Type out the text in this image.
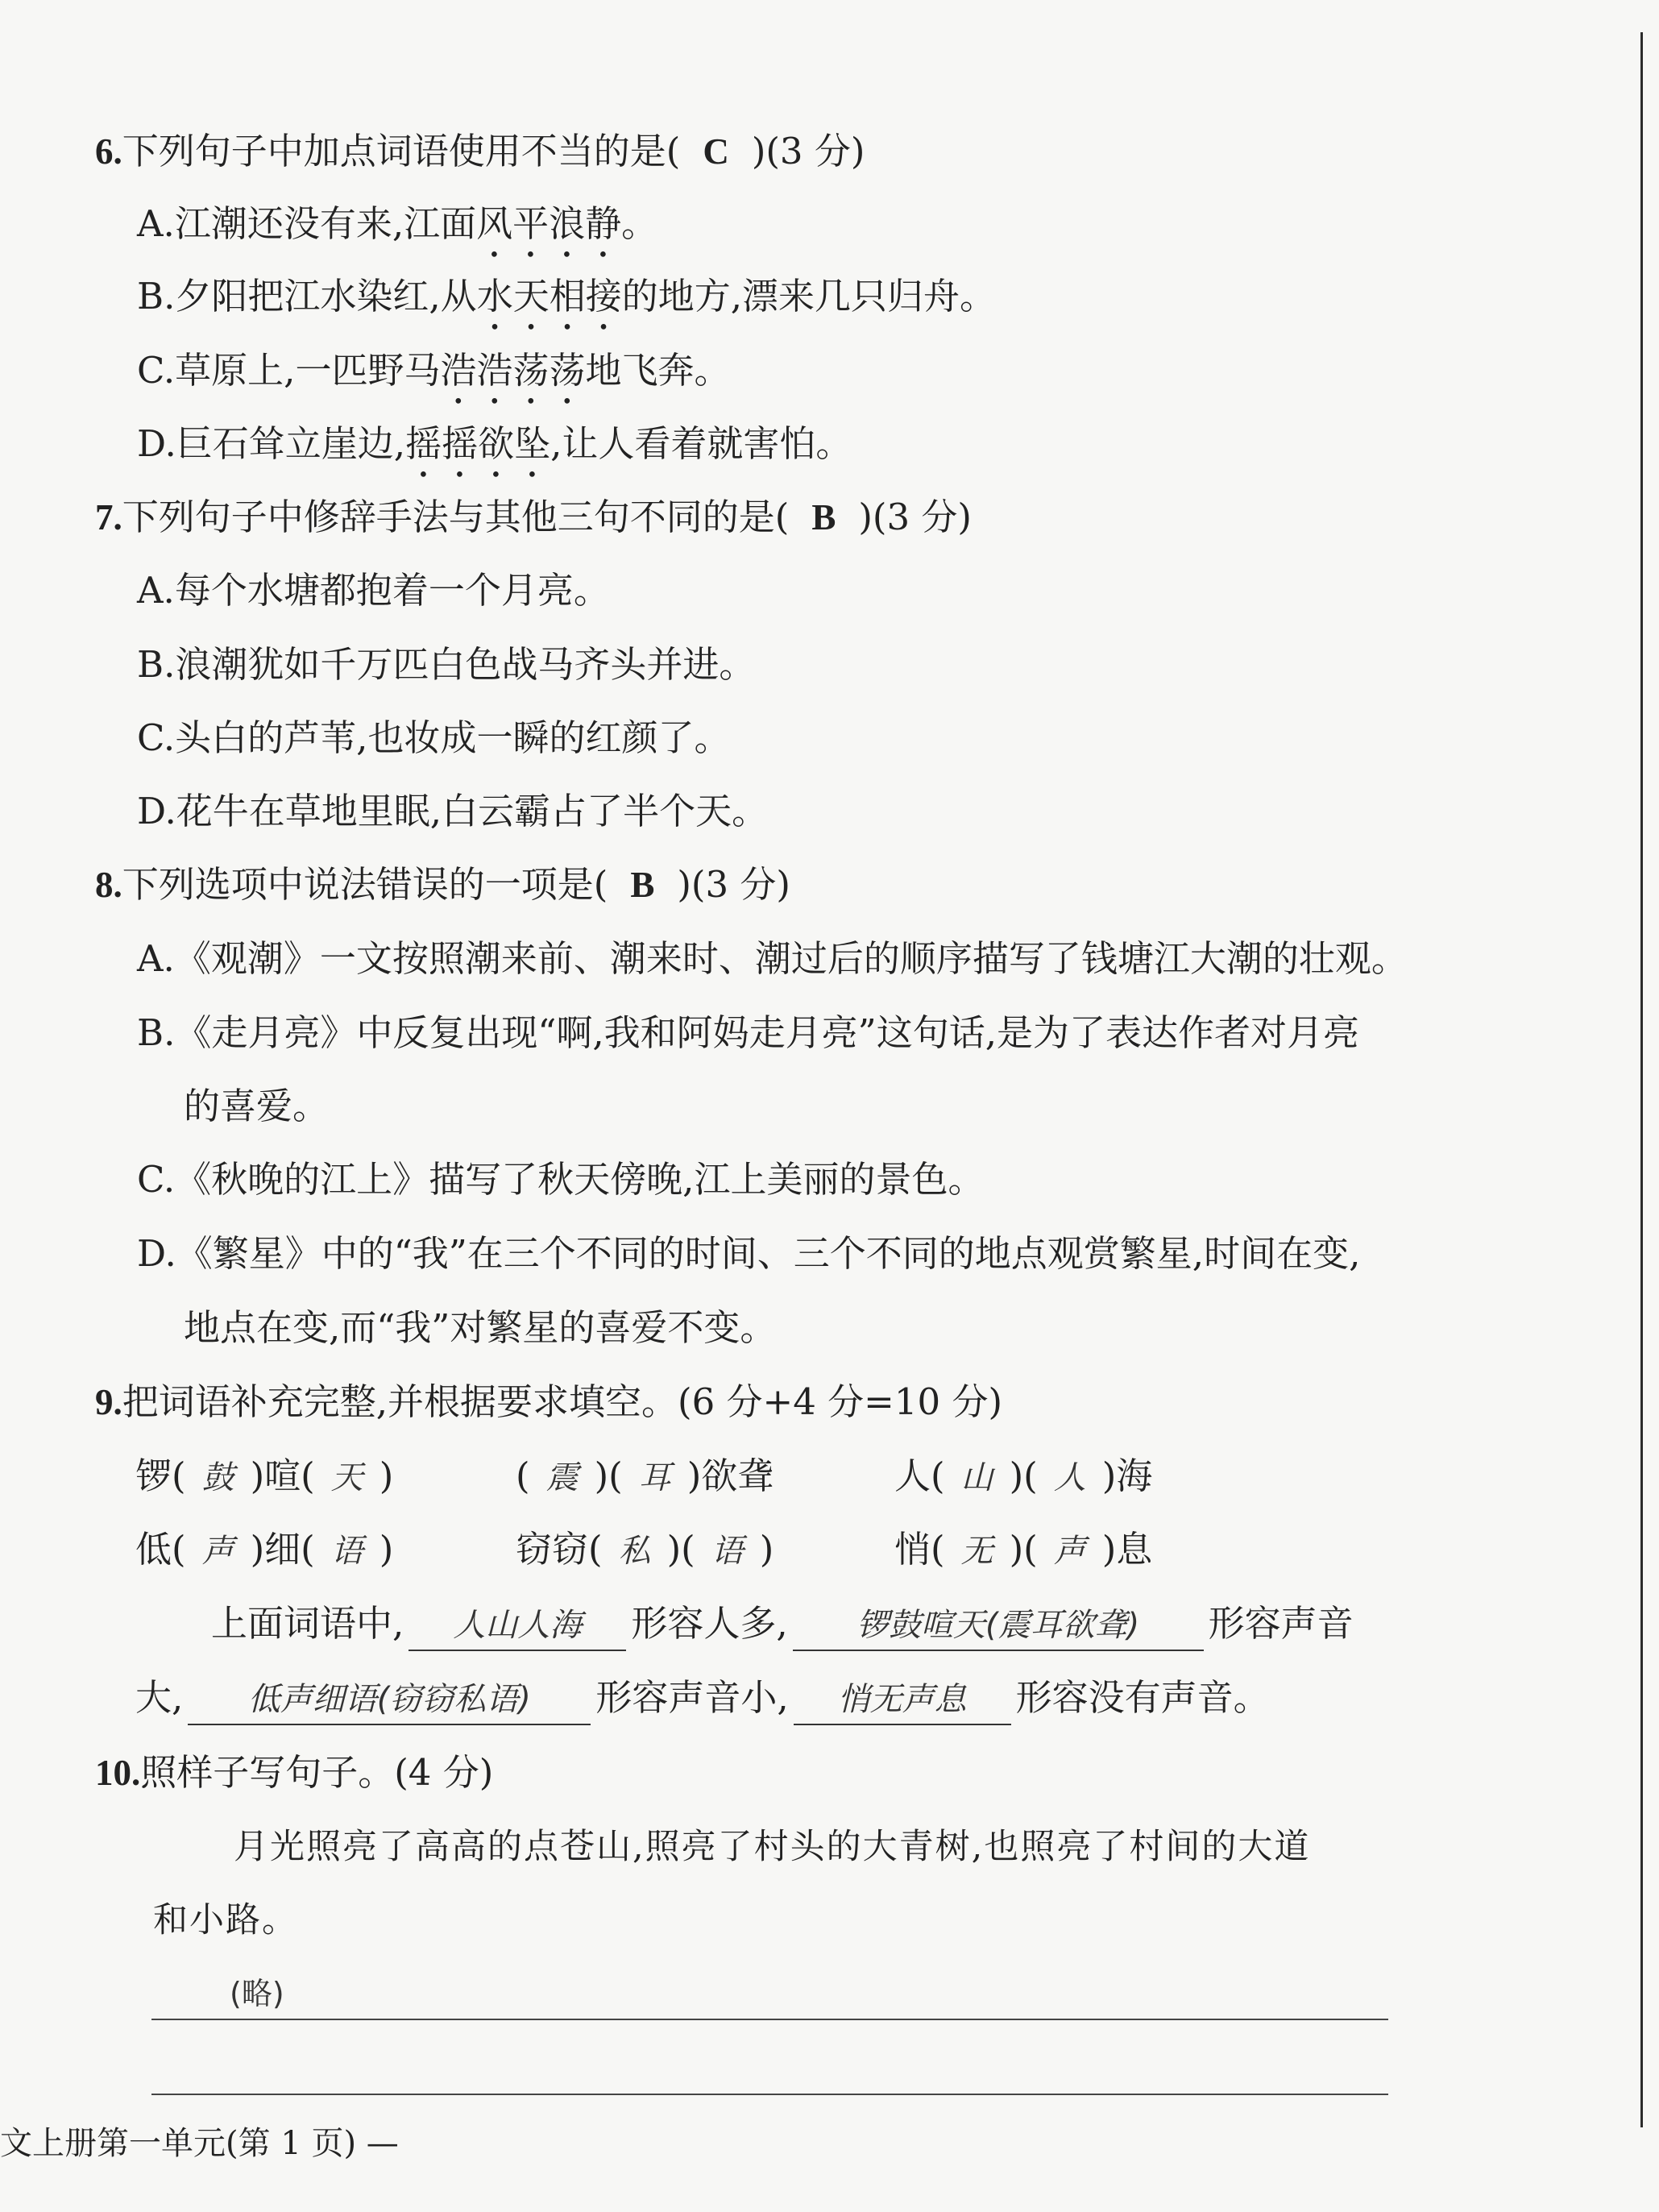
6.下列句子中加点词语使用不当的是( C )(3 分)
A.江潮还没有来,江面风平浪静。
B.夕阳把江水染红,从水天相接的地方,漂来几只归舟。
C.草原上,一匹野马浩浩荡荡地飞奔。
D.巨石耸立崖边,摇摇欲坠,让人看着就害怕。
7.下列句子中修辞手法与其他三句不同的是( B )(3 分)
A.每个水塘都抱着一个月亮。
B.浪潮犹如千万匹白色战马齐头并进。
C.头白的芦苇,也妆成一瞬的红颜了。
D.花牛在草地里眠,白云霸占了半个天。
8.下列选项中说法错误的一项是( B )(3 分)
A.《观潮》一文按照潮来前、潮来时、潮过后的顺序描写了钱塘江大潮的壮观。
B.《走月亮》中反复出现“啊,我和阿妈走月亮”这句话,是为了表达作者对月亮
的喜爱。
C.《秋晚的江上》描写了秋天傍晚,江上美丽的景色。
D.《繁星》中的“我”在三个不同的时间、三个不同的地点观赏繁星,时间在变,
地点在变,而“我”对繁星的喜爱不变。
9.把词语补充完整,并根据要求填空。(6 分+4 分=10 分)
锣( 鼓 )喧( 天 )	( 震 )( 耳 )欲聋	人( 山 )( 人 )海
低( 声 )细( 语 )	窃窃( 私 )( 语 )	悄( 无 )( 声 )息
上面词语中, 人山人海 形容人多, 锣鼓喧天(震耳欲聋) 形容声音
大, 低声细语(窃窃私语) 形容声音小, 悄无声息 形容没有声音。
10.照样子写句子。(4 分)
月光照亮了高高的点苍山,照亮了村头的大青树,也照亮了村间的大道
和小路。
(略)
文上册第一单元(第 1 页) —
